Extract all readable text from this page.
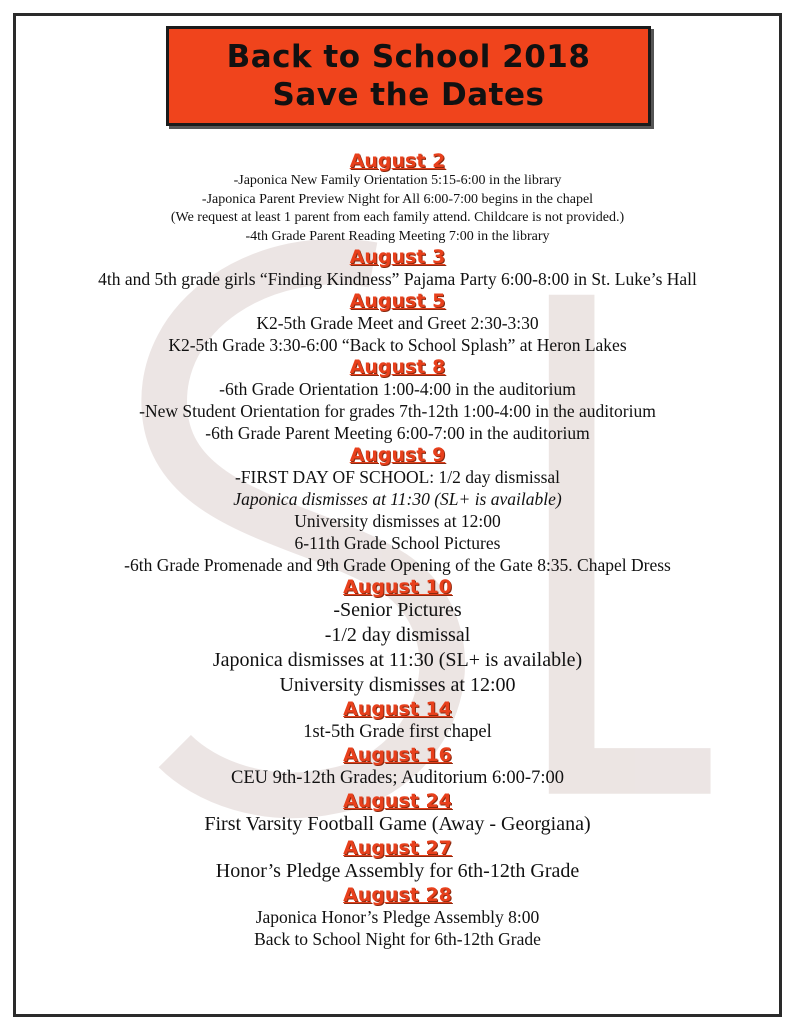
Back to School 2018
Save the Dates
August 2
-Japonica New Family Orientation 5:15-6:00 in the library
-Japonica Parent Preview Night for All 6:00-7:00 begins in the chapel
(We request at least 1 parent from each family attend. Childcare is not provided.)
-4th Grade Parent Reading Meeting 7:00 in the library
August 3
4th and 5th grade girls “Finding Kindness” Pajama Party 6:00-8:00 in St. Luke’s Hall
August 5
K2-5th Grade Meet and Greet 2:30-3:30
K2-5th Grade 3:30-6:00 “Back to School Splash” at Heron Lakes
August 8
-6th Grade Orientation 1:00-4:00 in the auditorium
-New Student Orientation for grades 7th-12th 1:00-4:00 in the auditorium
-6th Grade Parent Meeting 6:00-7:00 in the auditorium
August 9
-FIRST DAY OF SCHOOL: 1/2 day dismissal
Japonica dismisses at 11:30 (SL+ is available)
University dismisses at 12:00
6-11th Grade School Pictures
-6th Grade Promenade and 9th Grade Opening of the Gate 8:35. Chapel Dress
August 10
-Senior Pictures
-1/2 day dismissal
Japonica dismisses at 11:30 (SL+ is available)
University dismisses at 12:00
August 14
1st-5th Grade first chapel
August 16
CEU 9th-12th Grades; Auditorium 6:00-7:00
August 24
First Varsity Football Game (Away - Georgiana)
August 27
Honor’s Pledge Assembly for 6th-12th Grade
August 28
Japonica Honor’s Pledge Assembly 8:00
Back to School Night for 6th-12th Grade
